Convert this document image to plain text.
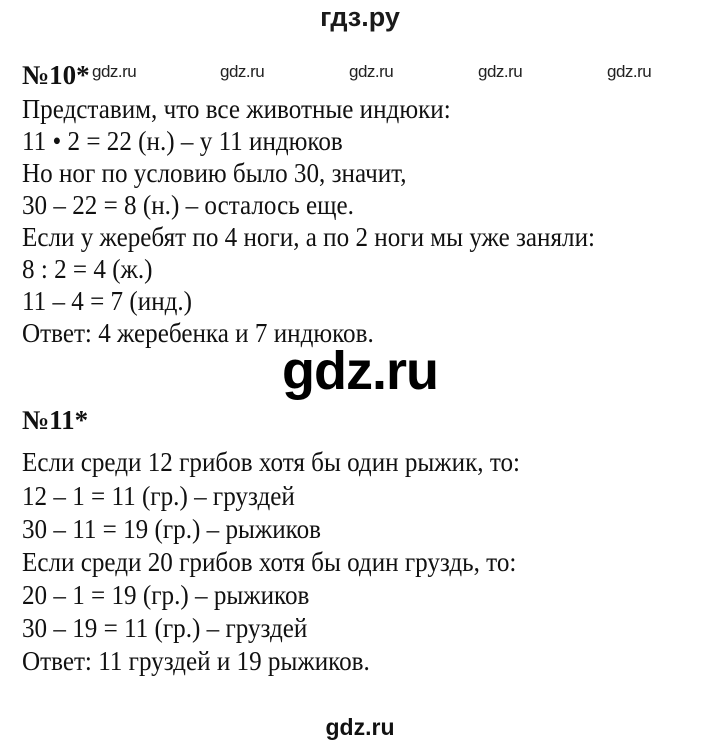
гдз.ру
№10* gdz.ru	gdz.ru	gdz.ru	gdz.ru	gdz.ru
Представим, что все животные индюки:
11 • 2 = 22 (н.) – у 11 индюков
Но ног по условию было 30, значит,
30 – 22 = 8 (н.) – осталось еще.
Если у жеребят по 4 ноги, а по 2 ноги мы уже заняли:
8 : 2 = 4 (ж.)
11 – 4 = 7 (инд.)
Ответ: 4 жеребенка и 7 индюков.
gdz.ru
№11*
Если среди 12 грибов хотя бы один рыжик, то:
12 – 1 = 11 (гр.) – груздей
30 – 11 = 19 (гр.) – рыжиков
Если среди 20 грибов хотя бы один груздь, то:
20 – 1 = 19 (гр.) – рыжиков
30 – 19 = 11 (гр.) – груздей
Ответ: 11 груздей и 19 рыжиков.
gdz.ru
